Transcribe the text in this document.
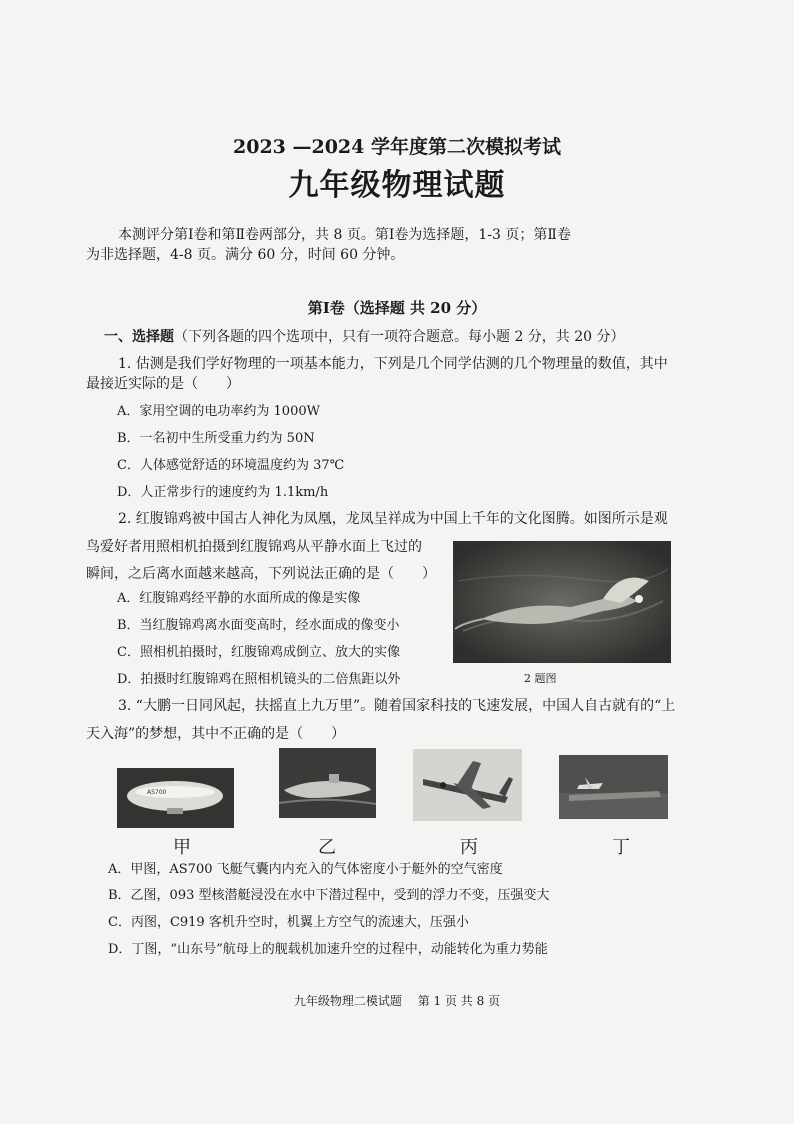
2023 —2024 学年度第二次模拟考试
九年级物理试题
本测评分第Ⅰ卷和第Ⅱ卷两部分，共 8 页。第Ⅰ卷为选择题，1-3 页；第Ⅱ卷
为非选择题，4-8 页。满分 60 分，时间 60 分钟。
第Ⅰ卷（选择题 共 20 分）
一、选择题（下列各题的四个选项中，只有一项符合题意。每小题 2 分，共 20 分）
1. 估测是我们学好物理的一项基本能力，下列是几个同学估测的几个物理量的数值，其中
最接近实际的是（　　）
A．家用空调的电功率约为 1000W
B．一名初中生所受重力约为 50N
C．人体感觉舒适的环境温度约为 37℃
D．人正常步行的速度约为 1.1km/h
2. 红腹锦鸡被中国古人神化为凤凰，龙凤呈祥成为中国上千年的文化图腾。如图所示是观
鸟爱好者用照相机拍摄到红腹锦鸡从平静水面上飞过的
瞬间，之后离水面越来越高，下列说法正确的是（　　）
A．红腹锦鸡经平静的水面所成的像是实像
B．当红腹锦鸡离水面变高时，经水面成的像变小
C．照相机拍摄时，红腹锦鸡成倒立、放大的实像
D．拍摄时红腹锦鸡在照相机镜头的二倍焦距以外	2 题图
3. “大鹏一日同风起，扶摇直上九万里”。随着国家科技的飞速发展，中国人自古就有的“上
天入海”的梦想，其中不正确的是（　　）
AS700
甲	乙	丙	丁
A．甲图，AS700 飞艇气囊内内充入的气体密度小于艇外的空气密度
B．乙图，093 型核潜艇浸没在水中下潜过程中，受到的浮力不变，压强变大
C．丙图，C919 客机升空时，机翼上方空气的流速大，压强小
D．丁图，“山东号”航母上的舰载机加速升空的过程中，动能转化为重力势能
九年级物理二模试题　 第 1 页 共 8 页
